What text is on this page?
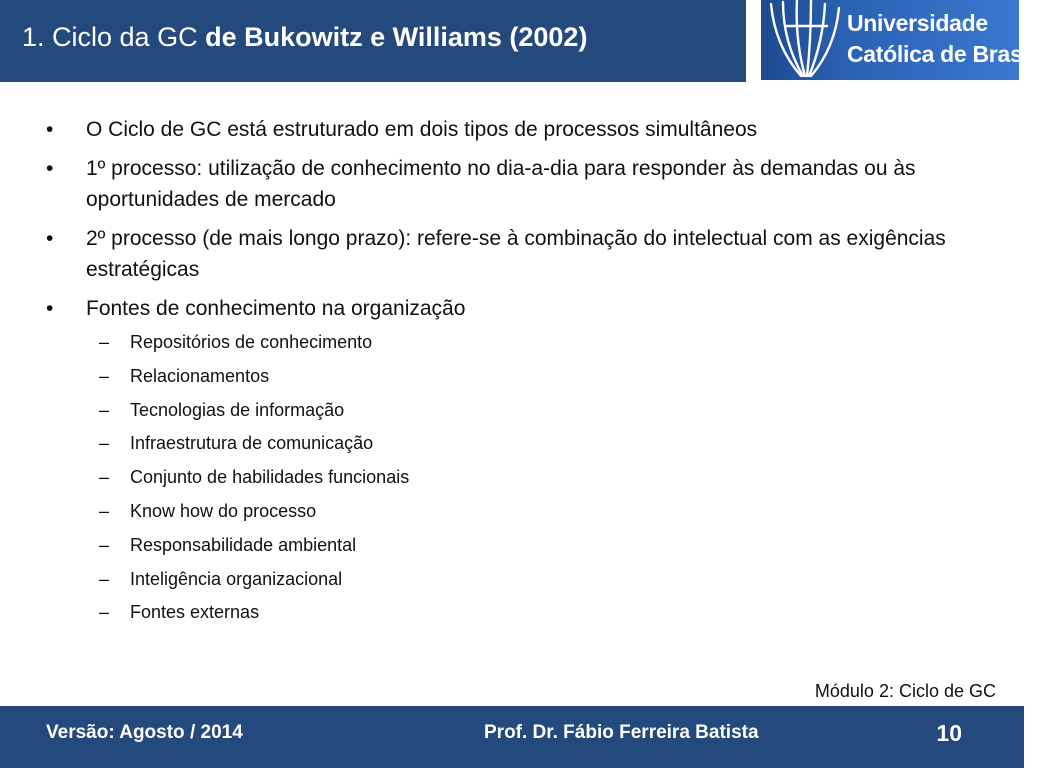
1. Ciclo da GC de Bukowitz e Williams (2002)	Universidade
Católica de Brasília
• O Ciclo de GC está estruturado em dois tipos de processos simultâneos
• 1º processo: utilização de conhecimento no dia-a-dia para responder às demandas ou às oportunidades de mercado
• 2º processo (de mais longo prazo): refere-se à combinação do intelectual com as exigências estratégicas
• Fontes de conhecimento na organização
– Repositórios de conhecimento
– Relacionamentos
– Tecnologias de informação
– Infraestrutura de comunicação
– Conjunto de habilidades funcionais
– Know how do processo
– Responsabilidade ambiental
– Inteligência organizacional
– Fontes externas
Módulo 2: Ciclo de GC
Versão: Agosto / 2014	Prof. Dr. Fábio Ferreira Batista	10
